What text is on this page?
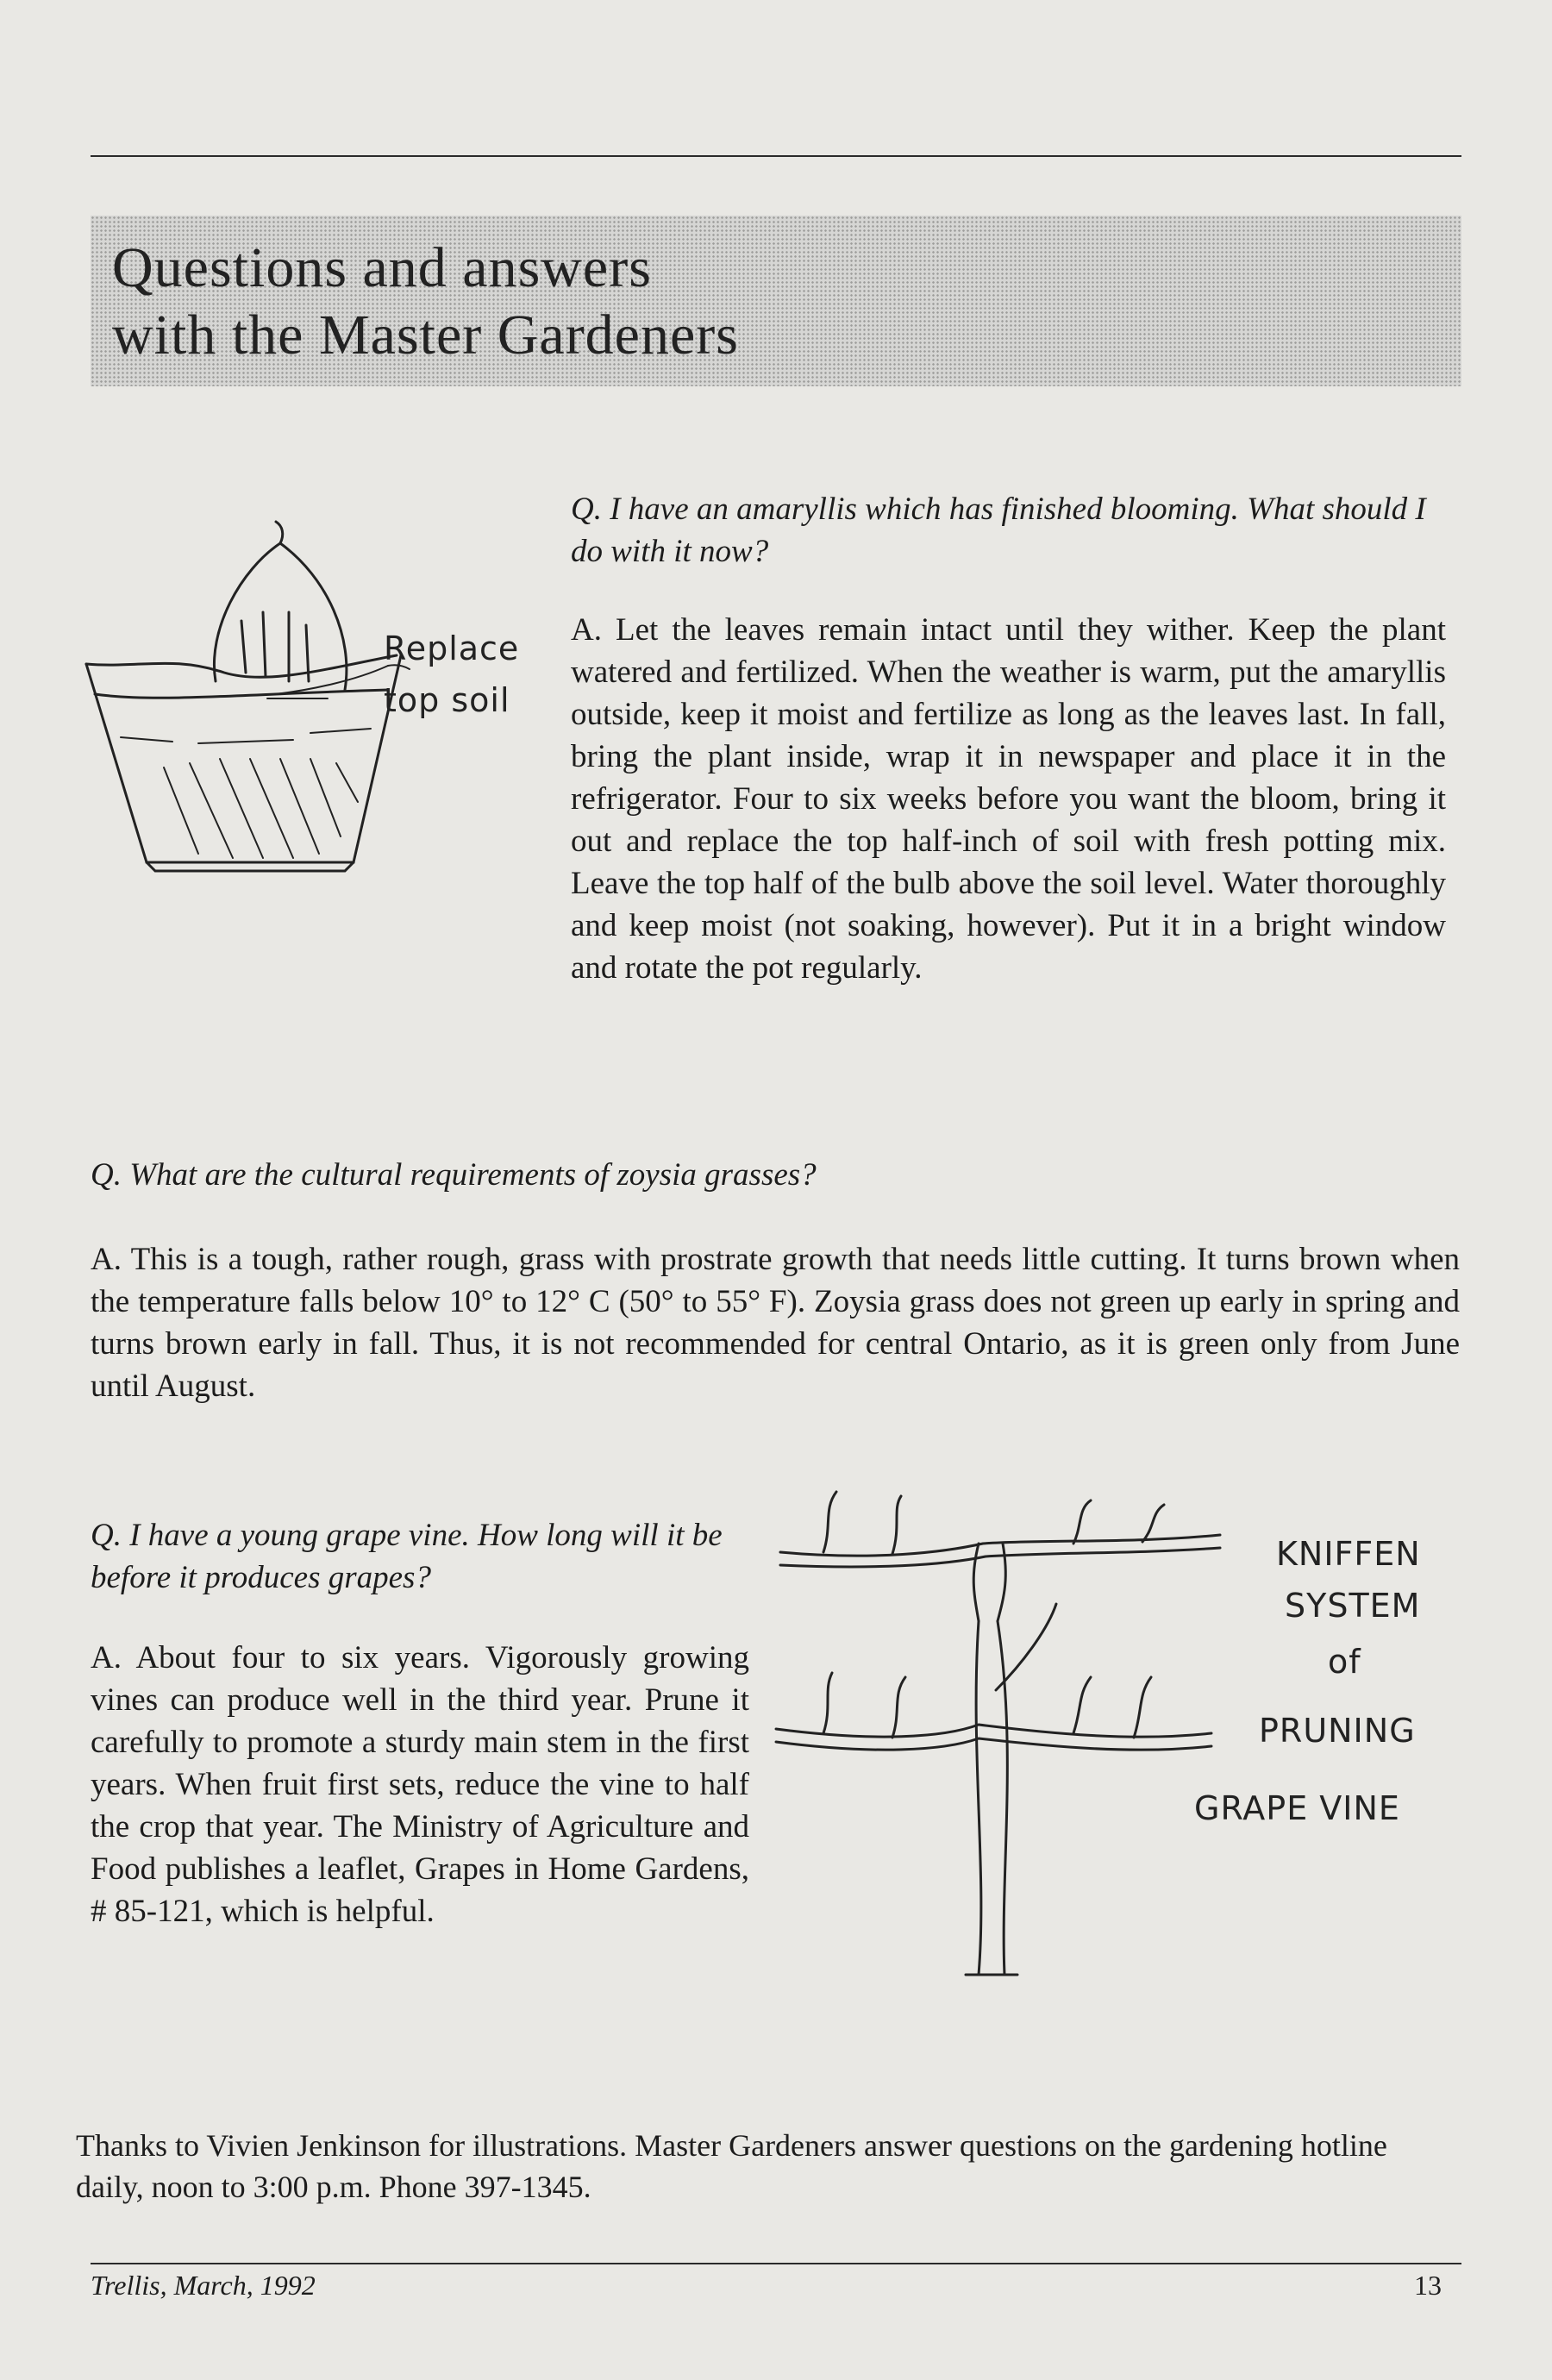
Questions and answers
with the Master Gardeners
Replace
top soil

Q. I have an amaryllis which has finished blooming. What should I do with it now?

A. Let the leaves remain intact until they wither. Keep the plant watered and fertilized. When the weather is warm, put the amaryllis outside, keep it moist and fertilize as long as the leaves last. In fall, bring the plant inside, wrap it in newspaper and place it in the refrigerator. Four to six weeks before you want the bloom, bring it out and replace the top half-inch of soil with fresh potting mix. Leave the top half of the bulb above the soil level. Water thoroughly and keep moist (not soaking, however). Put it in a bright window and rotate the pot regularly.

Q. What are the cultural requirements of zoysia grasses?

A. This is a tough, rather rough, grass with prostrate growth that needs little cutting. It turns brown when the temperature falls below 10° to 12° C (50° to 55° F). Zoysia grass does not green up early in spring and turns brown early in fall. Thus, it is not recommended for central Ontario, as it is green only from June until August.

Q. I have a young grape vine. How long will it be before it produces grapes?

A. About four to six years. Vigorously growing vines can produce well in the third year. Prune it carefully to promote a sturdy main stem in the first years. When fruit first sets, reduce the vine to half the crop that year. The Ministry of Agriculture and Food publishes a leaflet, Grapes in Home Gardens, # 85-121, which is helpful.

KNIFFEN
SYSTEM
of
PRUNING
GRAPE VINE

Thanks to Vivien Jenkinson for illustrations. Master Gardeners answer questions on the gardening hotline daily, noon to 3:00 p.m. Phone 397-1345.

Trellis, March, 1992	13
